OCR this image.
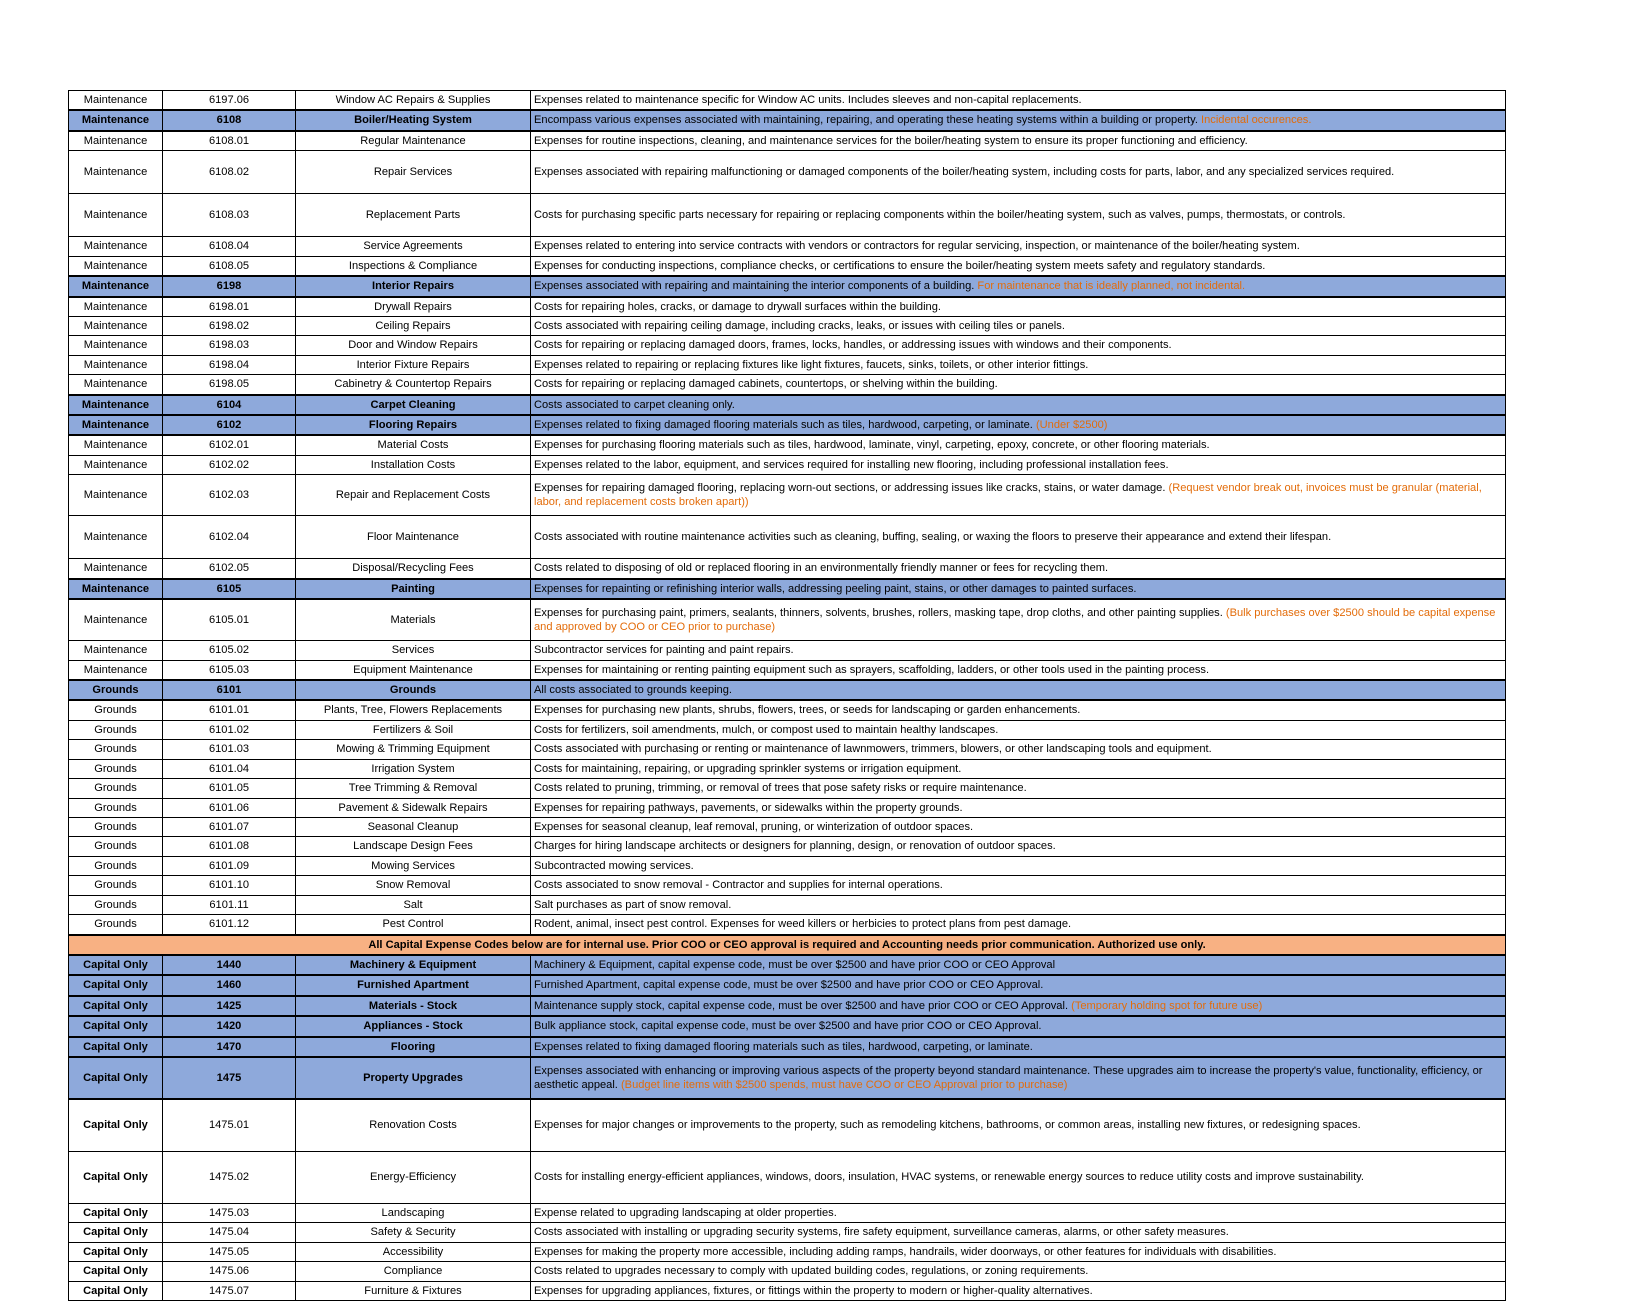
Maintenance	6197.06	Window AC Repairs & Supplies	Expenses related to maintenance specific for Window AC units. Includes sleeves and non-capital replacements.
Maintenance	6108	Boiler/Heating System	Encompass various expenses associated with maintaining, repairing, and operating these heating systems within a building or property. Incidental occurences.
Maintenance	6108.01	Regular Maintenance	Expenses for routine inspections, cleaning, and maintenance services for the boiler/heating system to ensure its proper functioning and efficiency.
Maintenance	6108.02	Repair Services	Expenses associated with repairing malfunctioning or damaged components of the boiler/heating system, including costs for parts, labor, and any specialized services required.
Maintenance	6108.03	Replacement Parts	Costs for purchasing specific parts necessary for repairing or replacing components within the boiler/heating system, such as valves, pumps, thermostats, or controls.
Maintenance	6108.04	Service Agreements	Expenses related to entering into service contracts with vendors or contractors for regular servicing, inspection, or maintenance of the boiler/heating system.
Maintenance	6108.05	Inspections & Compliance	Expenses for conducting inspections, compliance checks, or certifications to ensure the boiler/heating system meets safety and regulatory standards.
Maintenance	6198	Interior Repairs	Expenses associated with repairing and maintaining the interior components of a building. For maintenance that is ideally planned, not incidental.
Maintenance	6198.01	Drywall Repairs	Costs for repairing holes, cracks, or damage to drywall surfaces within the building.
Maintenance	6198.02	Ceiling Repairs	Costs associated with repairing ceiling damage, including cracks, leaks, or issues with ceiling tiles or panels.
Maintenance	6198.03	Door and Window Repairs	Costs for repairing or replacing damaged doors, frames, locks, handles, or addressing issues with windows and their components.
Maintenance	6198.04	Interior Fixture Repairs	Expenses related to repairing or replacing fixtures like light fixtures, faucets, sinks, toilets, or other interior fittings.
Maintenance	6198.05	Cabinetry & Countertop Repairs	Costs for repairing or replacing damaged cabinets, countertops, or shelving within the building.
Maintenance	6104	Carpet Cleaning	Costs associated to carpet cleaning only.
Maintenance	6102	Flooring Repairs	Expenses related to fixing damaged flooring materials such as tiles, hardwood, carpeting, or laminate. (Under $2500)
Maintenance	6102.01	Material Costs	Expenses for purchasing flooring materials such as tiles, hardwood, laminate, vinyl, carpeting, epoxy, concrete, or other flooring materials.
Maintenance	6102.02	Installation Costs	Expenses related to the labor, equipment, and services required for installing new flooring, including professional installation fees.
Maintenance	6102.03	Repair and Replacement Costs	Expenses for repairing damaged flooring, replacing worn-out sections, or addressing issues like cracks, stains, or water damage. (Request vendor break out, invoices must be granular (material, labor, and replacement costs broken apart))
Maintenance	6102.04	Floor Maintenance	Costs associated with routine maintenance activities such as cleaning, buffing, sealing, or waxing the floors to preserve their appearance and extend their lifespan.
Maintenance	6102.05	Disposal/Recycling Fees	Costs related to disposing of old or replaced flooring in an environmentally friendly manner or fees for recycling them.
Maintenance	6105	Painting	Expenses for repainting or refinishing interior walls, addressing peeling paint, stains, or other damages to painted surfaces.
Maintenance	6105.01	Materials	Expenses for purchasing paint, primers, sealants, thinners, solvents, brushes, rollers, masking tape, drop cloths, and other painting supplies. (Bulk purchases over $2500 should be capital expense and approved by COO or CEO prior to purchase)
Maintenance	6105.02	Services	Subcontractor services for painting and paint repairs.
Maintenance	6105.03	Equipment Maintenance	Expenses for maintaining or renting painting equipment such as sprayers, scaffolding, ladders, or other tools used in the painting process.
Grounds	6101	Grounds	All costs associated to grounds keeping.
Grounds	6101.01	Plants, Tree, Flowers Replacements	Expenses for purchasing new plants, shrubs, flowers, trees, or seeds for landscaping or garden enhancements.
Grounds	6101.02	Fertilizers & Soil	Costs for fertilizers, soil amendments, mulch, or compost used to maintain healthy landscapes.
Grounds	6101.03	Mowing & Trimming Equipment	Costs associated with purchasing or renting or maintenance of lawnmowers, trimmers, blowers, or other landscaping tools and equipment.
Grounds	6101.04	Irrigation System	Costs for maintaining, repairing, or upgrading sprinkler systems or irrigation equipment.
Grounds	6101.05	Tree Trimming & Removal	Costs related to pruning, trimming, or removal of trees that pose safety risks or require maintenance.
Grounds	6101.06	Pavement & Sidewalk Repairs	Expenses for repairing pathways, pavements, or sidewalks within the property grounds.
Grounds	6101.07	Seasonal Cleanup	Expenses for seasonal cleanup, leaf removal, pruning, or winterization of outdoor spaces.
Grounds	6101.08	Landscape Design Fees	Charges for hiring landscape architects or designers for planning, design, or renovation of outdoor spaces.
Grounds	6101.09	Mowing Services	Subcontracted mowing services.
Grounds	6101.10	Snow Removal	Costs associated to snow removal - Contractor and supplies for internal operations.
Grounds	6101.11	Salt	Salt purchases as part of snow removal.
Grounds	6101.12	Pest Control	Rodent, animal, insect pest control. Expenses for weed killers or herbicies to protect plans from pest damage.
All Capital Expense Codes below are for internal use. Prior COO or CEO approval is required and Accounting needs prior communication. Authorized use only.			
Capital Only	1440	Machinery & Equipment	Machinery & Equipment, capital expense code, must be over $2500 and have prior COO or CEO Approval
Capital Only	1460	Furnished Apartment	Furnished Apartment, capital expense code, must be over $2500 and have prior COO or CEO Approval.
Capital Only	1425	Materials - Stock	Maintenance supply stock, capital expense code, must be over $2500 and have prior COO or CEO Approval. (Temporary holding spot for future use)
Capital Only	1420	Appliances - Stock	Bulk appliance stock, capital expense code, must be over $2500 and have prior COO or CEO Approval.
Capital Only	1470	Flooring	Expenses related to fixing damaged flooring materials such as tiles, hardwood, carpeting, or laminate.
Capital Only	1475	Property Upgrades	Expenses associated with enhancing or improving various aspects of the property beyond standard maintenance. These upgrades aim to increase the property's value, functionality, efficiency, or aesthetic appeal. (Budget line items with $2500 spends, must have COO or CEO Approval prior to purchase)
Capital Only	1475.01	Renovation Costs	Expenses for major changes or improvements to the property, such as remodeling kitchens, bathrooms, or common areas, installing new fixtures, or redesigning spaces.
Capital Only	1475.02	Energy-Efficiency	Costs for installing energy-efficient appliances, windows, doors, insulation, HVAC systems, or renewable energy sources to reduce utility costs and improve sustainability.
Capital Only	1475.03	Landscaping	Expense related to upgrading landscaping at older properties.
Capital Only	1475.04	Safety & Security	Costs associated with installing or upgrading security systems, fire safety equipment, surveillance cameras, alarms, or other safety measures.
Capital Only	1475.05	Accessibility	Expenses for making the property more accessible, including adding ramps, handrails, wider doorways, or other features for individuals with disabilities.
Capital Only	1475.06	Compliance	Costs related to upgrades necessary to comply with updated building codes, regulations, or zoning requirements.
Capital Only	1475.07	Furniture & Fixtures	Expenses for upgrading appliances, fixtures, or fittings within the property to modern or higher-quality alternatives.
